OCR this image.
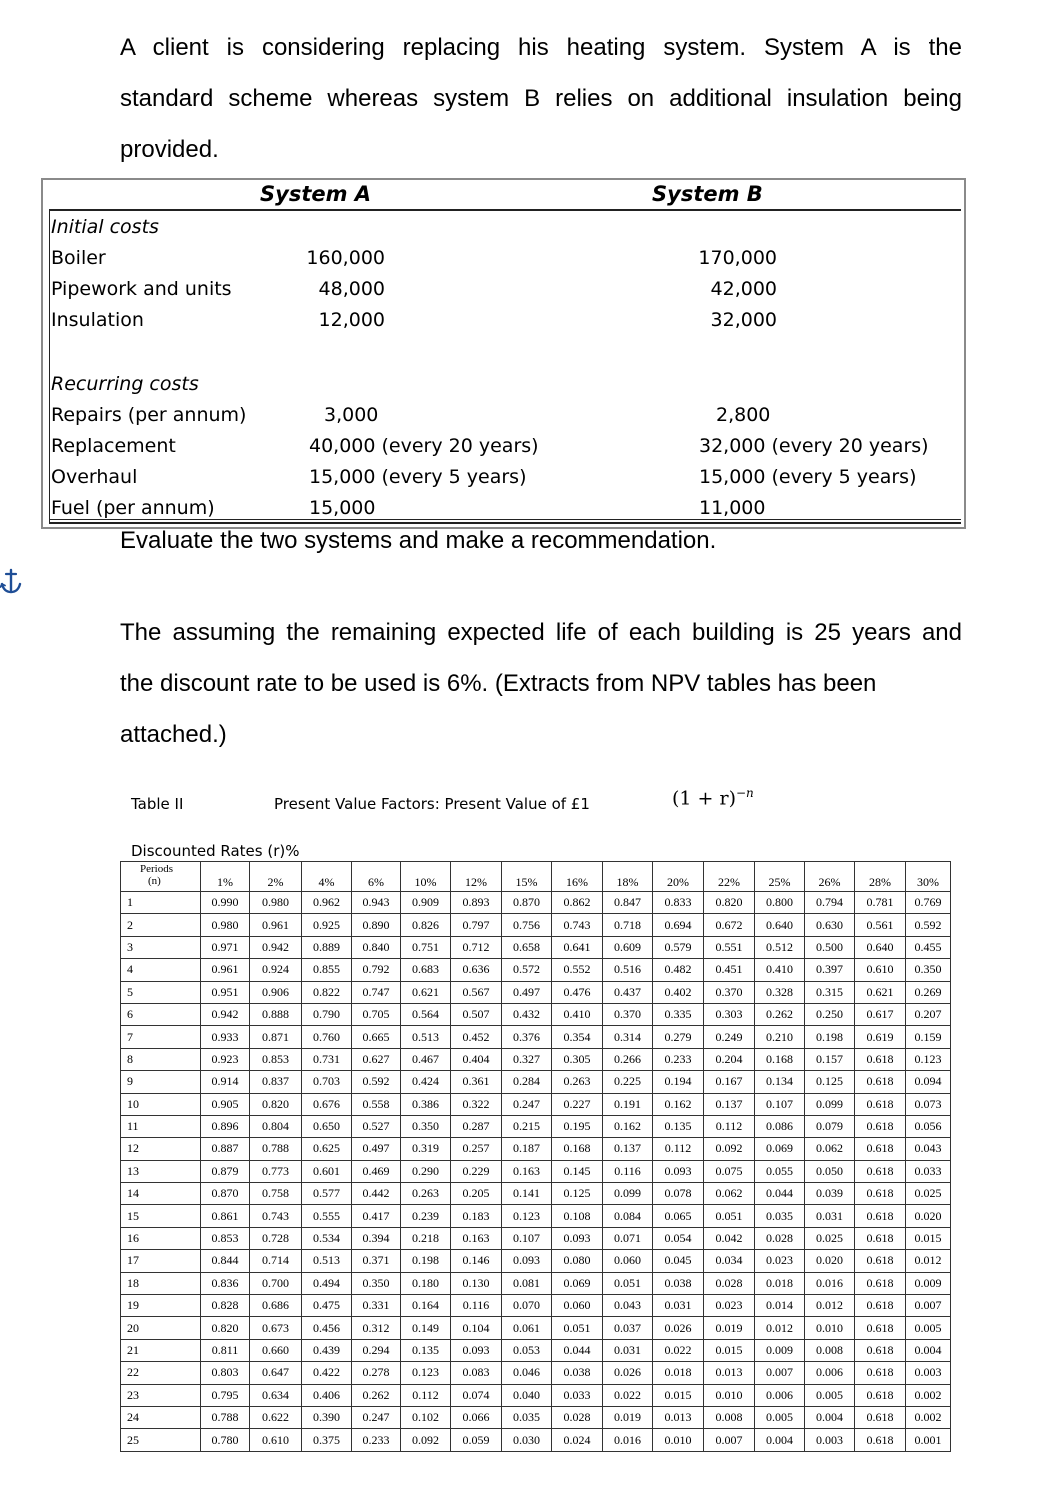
A client is considering replacing his heating system. System A is the
standard scheme whereas system B relies on additional insulation being
provided.
System A	System B
Initial costs
Boiler	160,000	170,000
Pipework and units	48,000	42,000
Insulation	12,000	32,000
Recurring costs
Repairs (per annum)	3,000	2,800
Replacement	40,000 (every 20 years)	32,000 (every 20 years)
Overhaul	15,000 (every 5 years)	15,000 (every 5 years)
Fuel (per annum)	15,000	11,000
Evaluate the two systems and make a recommendation.
The assuming the remaining expected life of each building is 25 years and
the discount rate to be used is 6%. (Extracts from NPV tables has been
attached.)
Table II	Present Value Factors: Present Value of £1	$(1 + r)^{-n}$
Discounted Rates (r)%
Periods
(n)	1%	2%	4%	6%	10%	12%	15%	16%	18%	20%	22%	25%	26%	28%	30%
1	0.990	0.980	0.962	0.943	0.909	0.893	0.870	0.862	0.847	0.833	0.820	0.800	0.794	0.781	0.769
2	0.980	0.961	0.925	0.890	0.826	0.797	0.756	0.743	0.718	0.694	0.672	0.640	0.630	0.561	0.592
3	0.971	0.942	0.889	0.840	0.751	0.712	0.658	0.641	0.609	0.579	0.551	0.512	0.500	0.640	0.455
4	0.961	0.924	0.855	0.792	0.683	0.636	0.572	0.552	0.516	0.482	0.451	0.410	0.397	0.610	0.350
5	0.951	0.906	0.822	0.747	0.621	0.567	0.497	0.476	0.437	0.402	0.370	0.328	0.315	0.621	0.269
6	0.942	0.888	0.790	0.705	0.564	0.507	0.432	0.410	0.370	0.335	0.303	0.262	0.250	0.617	0.207
7	0.933	0.871	0.760	0.665	0.513	0.452	0.376	0.354	0.314	0.279	0.249	0.210	0.198	0.619	0.159
8	0.923	0.853	0.731	0.627	0.467	0.404	0.327	0.305	0.266	0.233	0.204	0.168	0.157	0.618	0.123
9	0.914	0.837	0.703	0.592	0.424	0.361	0.284	0.263	0.225	0.194	0.167	0.134	0.125	0.618	0.094
10	0.905	0.820	0.676	0.558	0.386	0.322	0.247	0.227	0.191	0.162	0.137	0.107	0.099	0.618	0.073
11	0.896	0.804	0.650	0.527	0.350	0.287	0.215	0.195	0.162	0.135	0.112	0.086	0.079	0.618	0.056
12	0.887	0.788	0.625	0.497	0.319	0.257	0.187	0.168	0.137	0.112	0.092	0.069	0.062	0.618	0.043
13	0.879	0.773	0.601	0.469	0.290	0.229	0.163	0.145	0.116	0.093	0.075	0.055	0.050	0.618	0.033
14	0.870	0.758	0.577	0.442	0.263	0.205	0.141	0.125	0.099	0.078	0.062	0.044	0.039	0.618	0.025
15	0.861	0.743	0.555	0.417	0.239	0.183	0.123	0.108	0.084	0.065	0.051	0.035	0.031	0.618	0.020
16	0.853	0.728	0.534	0.394	0.218	0.163	0.107	0.093	0.071	0.054	0.042	0.028	0.025	0.618	0.015
17	0.844	0.714	0.513	0.371	0.198	0.146	0.093	0.080	0.060	0.045	0.034	0.023	0.020	0.618	0.012
18	0.836	0.700	0.494	0.350	0.180	0.130	0.081	0.069	0.051	0.038	0.028	0.018	0.016	0.618	0.009
19	0.828	0.686	0.475	0.331	0.164	0.116	0.070	0.060	0.043	0.031	0.023	0.014	0.012	0.618	0.007
20	0.820	0.673	0.456	0.312	0.149	0.104	0.061	0.051	0.037	0.026	0.019	0.012	0.010	0.618	0.005
21	0.811	0.660	0.439	0.294	0.135	0.093	0.053	0.044	0.031	0.022	0.015	0.009	0.008	0.618	0.004
22	0.803	0.647	0.422	0.278	0.123	0.083	0.046	0.038	0.026	0.018	0.013	0.007	0.006	0.618	0.003
23	0.795	0.634	0.406	0.262	0.112	0.074	0.040	0.033	0.022	0.015	0.010	0.006	0.005	0.618	0.002
24	0.788	0.622	0.390	0.247	0.102	0.066	0.035	0.028	0.019	0.013	0.008	0.005	0.004	0.618	0.002
25	0.780	0.610	0.375	0.233	0.092	0.059	0.030	0.024	0.016	0.010	0.007	0.004	0.003	0.618	0.001
